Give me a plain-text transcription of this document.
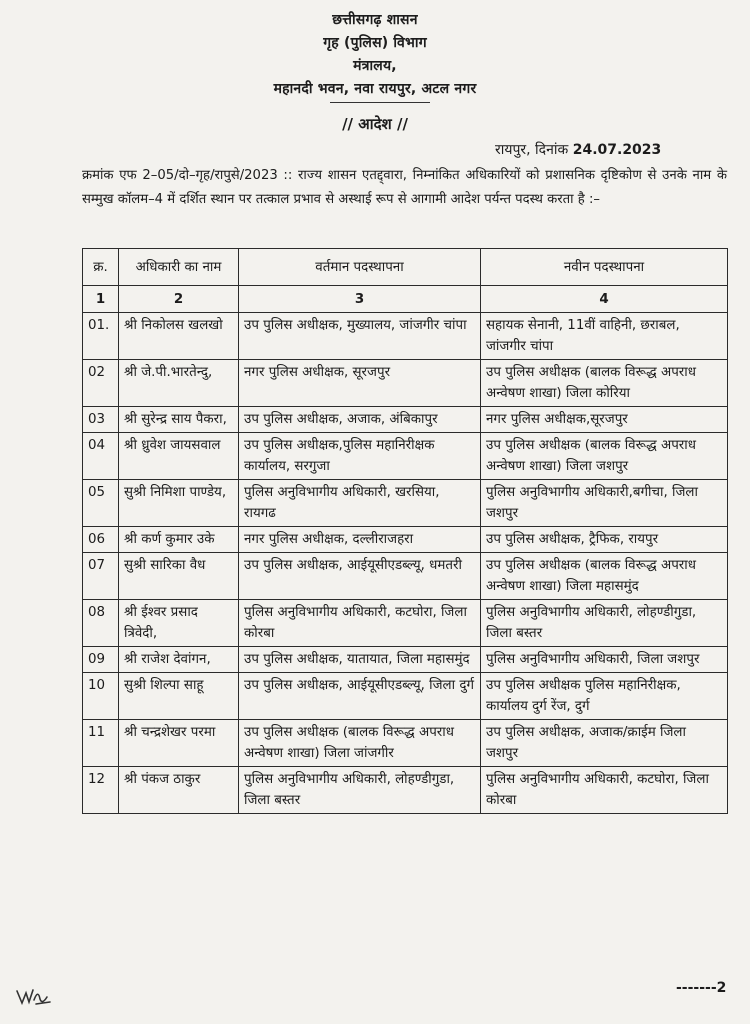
छत्तीसगढ़ शासन
गृह (पुलिस) विभाग
मंत्रालय,
महानदी भवन, नवा रायपुर, अटल नगर
// आदेश //
रायपुर, दिनांक 24.07.2023
क्रमांक एफ 2–05/दो–गृह/रापुसे/2023 :: राज्य शासन एतद्द्वारा, निम्नांकित अधिकारियों को प्रशासनिक दृष्टिकोण से उनके नाम के सम्मुख कॉलम–4 में दर्शित स्थान पर तत्काल प्रभाव से अस्थाई रूप से आगामी आदेश पर्यन्त पदस्थ करता है :–
क्र.	अधिकारी का नाम	वर्तमान पदस्थापना	नवीन पदस्थापना
1	2	3	4
01.	श्री निकोलस खलखो	उप पुलिस अधीक्षक, मुख्यालय, जांजगीर चांपा	सहायक सेनानी, 11वीं वाहिनी, छराबल, जांजगीर चांपा
02	श्री जे.पी.भारतेन्दु,	नगर पुलिस अधीक्षक, सूरजपुर	उप पुलिस अधीक्षक (बालक विरूद्ध अपराध अन्वेषण शाखा) जिला कोरिया
03	श्री सुरेन्द्र साय पैकरा,	उप पुलिस अधीक्षक, अजाक, अंबिकापुर	नगर पुलिस अधीक्षक,सूरजपुर
04	श्री ध्रुवेश जायसवाल	उप पुलिस अधीक्षक,पुलिस महानिरीक्षक कार्यालय, सरगुजा	उप पुलिस अधीक्षक (बालक विरूद्ध अपराध अन्वेषण शाखा) जिला जशपुर
05	सुश्री निमिशा पाण्डेय,	पुलिस अनुविभागीय अधिकारी, खरसिया, रायगढ	पुलिस अनुविभागीय अधिकारी,बगीचा, जिला जशपुर
06	श्री कर्ण कुमार उके	नगर पुलिस अधीक्षक, दल्लीराजहरा	उप पुलिस अधीक्षक, ट्रैफिक, रायपुर
07	सुश्री सारिका वैध	उप पुलिस अधीक्षक, आईयूसीएडब्ल्यू, धमतरी	उप पुलिस अधीक्षक (बालक विरूद्ध अपराध अन्वेषण शाखा) जिला महासमुंद
08	श्री ईश्वर प्रसाद त्रिवेदी,	पुलिस अनुविभागीय अधिकारी, कटघोरा, जिला कोरबा	पुलिस अनुविभागीय अधिकारी, लोहण्डीगुडा, जिला बस्तर
09	श्री राजेश देवांगन,	उप पुलिस अधीक्षक, यातायात, जिला महासमुंद	पुलिस अनुविभागीय अधिकारी, जिला जशपुर
10	सुश्री शिल्पा साहू	उप पुलिस अधीक्षक, आईयूसीएडब्ल्यू, जिला दुर्ग	उप पुलिस अधीक्षक पुलिस महानिरीक्षक, कार्यालय दुर्ग रेंज, दुर्ग
11	श्री चन्द्रशेखर परमा	उप पुलिस अधीक्षक (बालक विरूद्ध अपराध अन्वेषण शाखा) जिला जांजगीर	उप पुलिस अधीक्षक, अजाक/क्राईम जिला जशपुर
12	श्री पंकज ठाकुर	पुलिस अनुविभागीय अधिकारी, लोहण्डीगुडा, जिला बस्तर	पुलिस अनुविभागीय अधिकारी, कटघोरा, जिला कोरबा
-------2
